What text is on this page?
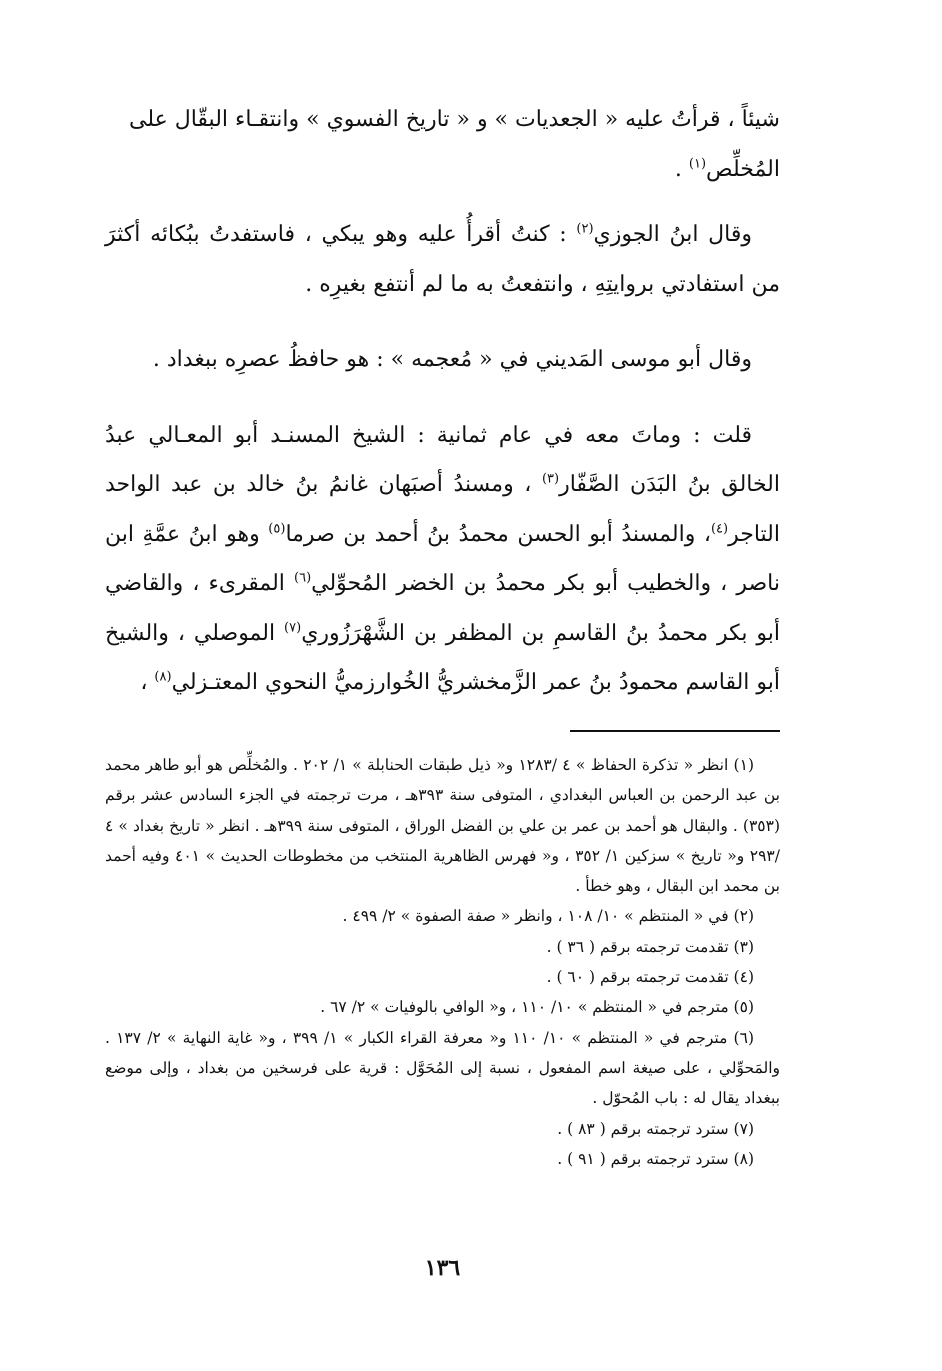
شيئاً ، قرأتُ عليه « الجعديات » و « تاريخ الفسوي » وانتقـاء البقّال على
المُخلِّص$^{(١)}$ .

وقال ابنُ الجوزي$^{(٢)}$ : كنتُ أقرأُ عليه وهو يبكي ، فاستفدتُ ببُكائه أكثرَ من استفادتي بروايتِهِ ، وانتفعتُ به ما لم أنتفع بغيرِه .

وقال أبو موسى المَديني في « مُعجمه » : هو حافظُ عصرِه ببغداد .

قلت : وماتَ معه في عام ثمانية : الشيخ المسنـد أبو المعـالي عبدُ الخالق بنُ البَدَن الصَّفّار$^{(٣)}$ ، ومسندُ أصبَهان غانمُ بنُ خالد بن عبد الواحد التاجر$^{(٤)}$، والمسندُ أبو الحسن محمدُ بنُ أحمد بن صرما$^{(٥)}$ وهو ابنُ عمَّةِ ابن ناصر ، والخطيب أبو بكر محمدُ بن الخضر المُحوِّلي$^{(٦)}$ المقرىء ، والقاضي أبو بكر محمدُ بنُ القاسمِ بن المظفر بن الشَّهْرَزُوري$^{(٧)}$ الموصلي ، والشيخ أبو القاسم محمودُ بنُ عمر الزَّمخشريُّ الخُوارزميُّ النحوي المعتـزلي$^{(٨)}$ ،

(١) انظر « تذكرة الحفاظ » ٤ /١٢٨٣ و« ذيل طبقات الحنابلة » ١/ ٢٠٢ . والمُخلِّص هو أبو طاهر محمد بن عبد الرحمن بن العباس البغدادي ، المتوفى سنة ٣٩٣هـ ، مرت ترجمته في الجزء السادس عشر برقم (٣٥٣) . والبقال هو أحمد بن عمر بن علي بن الفضل الوراق ، المتوفى سنة ٣٩٩هـ . انظر « تاريخ بغداد » ٤ /٢٩٣ و« تاريخ » سزكين ١/ ٣٥٢ ، و« فهرس الظاهرية المنتخب من مخطوطات الحديث » ٤٠١ وفيه أحمد بن محمد ابن البقال ، وهو خطأ .

(٢) في « المنتظم » ١٠/ ١٠٨ ، وانظر « صفة الصفوة » ٢/ ٤٩٩ .

(٣) تقدمت ترجمته برقم ( ٣٦ ) .

(٤) تقدمت ترجمته برقم ( ٦٠ ) .

(٥) مترجم في « المنتظم » ١٠/ ١١٠ ، و« الوافي بالوفيات » ٢/ ٦٧ .

(٦) مترجم في « المنتظم » ١٠/ ١١٠ و« معرفة القراء الكبار » ١/ ٣٩٩ ، و« غاية النهاية » ٢/ ١٣٧ . والمَحوِّلي ، على صيغة اسم المفعول ، نسبة إلى المُحَوَّل : قرية على فرسخين من بغداد ، وإلى موضع ببغداد يقال له : باب المُحوّل .

(٧) سترد ترجمته برقم ( ٨٣ ) .

(٨) سترد ترجمته برقم ( ٩١ ) .

١٣٦
